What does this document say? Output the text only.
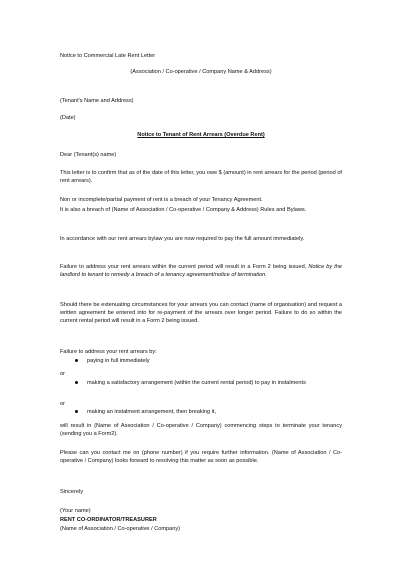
Notice to Commercial Late Rent Letter
(Association / Co-operative / Company Name & Address)
(Tenant's Name and Address)
(Date)
Notice to Tenant of Rent Arrears (Overdue Rent)
Dear (Tenant(s) name)
This letter is to confirm that as of the date of this letter, you owe $ (amount) in rent arrears for the period (period of rent arrears).
Non or incomplete/partial payment of rent is a breach of your Tenancy Agreement.
It is also a breach of (Name of Association / Co-operative / Company & Address) Rules and Bylaws.
In accordance with our rent arrears bylaw you are now required to pay the full amount immediately.
Failure to address your rent arrears within the current period will result in a Form 2 being issued, Notice by the landlord to tenant to remedy a breach of a tenancy agreement/notice of termination.
Should there be extenuating circumstances for your arrears you can contact (name of organisation) and request a written agreement be entered into for re-payment of the arrears over longer period. Failure to do so within the current rental period will result in a Form 2 being issued.
Failure to address your rent arrears by:
paying in full immediately
or
making a satisfactory arrangement (within the current rental period) to pay in instalments
or
making an instalment arrangement, then breaking it,
will result in (Name of Association / Co-operative / Company) commencing steps to terminate your tenancy (sending you a Form2).
Please can you contact me on (phone number) if you require further information. (Name of Association / Co-operative / Company) looks forward to resolving this matter as soon as possible.
Sincerely
(Your name)
RENT CO-ORDINATOR/TREASURER
(Name of Association / Co-operative / Company)
